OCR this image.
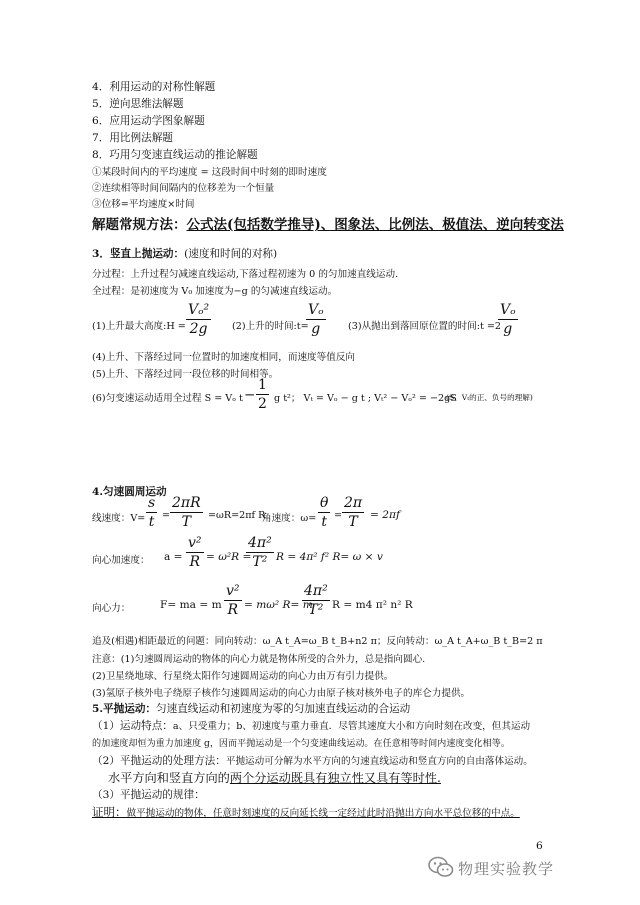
4．利用运动的对称性解题
5．逆向思维法解题
6．应用运动学图象解题
7．用比例法解题
8．巧用匀变速直线运动的推论解题
①某段时间内的平均速度 = 这段时间中时刻的即时速度
②连续相等时间间隔内的位移差为一个恒量
③位移=平均速度×时间
解题常规方法：公式法(包括数学推导)、图象法、比例法、极值法、逆向转变法
3．竖直上抛运动：(速度和时间的对称)
分过程：上升过程匀减速直线运动,下落过程初速为 0 的匀加速直线运动.
全过程：是初速度为 V₀ 加速度为−g 的匀减速直线运动。
(1)上升最大高度:H = $\frac{\text{Vₒ²}}{2g} (2)$上升的时间:t=
$\frac{\text{Vₒ}}{g} (3)$从抛出到落回原位置的时间:t =2
$\frac{\text{Vₒ}}{g}$
(4)上升、下落经过同一位置时的加速度相同，而速度等值反向
(5)上升、下落经过同一段位移的时间相等。
(6)匀变速运动适用全过程 S = Vₒ $t - \frac{1}{2}$ g t²； Vₜ = Vₒ − g t ; Vₜ² − Vₒ² = −2gS
(S、Vₜ的正、负号的理解)
4.匀速圆周运动
线速度：$V= \frac{s}{t} = \frac{2\pi R}{T} =\omega R=2\pi f$ R
角速度：$\omega= \frac{\theta}{t} = \frac{2\pi}{T} = 2\pi f$
向心加速度： $a = \frac{\text{v²}}{R} = \omega^2R$ =
$\frac{\text{4π²}}{\text{T²}}$ R = 4π² f² R= ω × v
向心力：	F= ma = m $\frac{\text{v²}}{R} = m\omega^2$ R= m
$\frac{\text{4π²}}{\text{T²}}$ R = m4 π² n² R
追及(相遇)相距最近的问题：同向转动：ω_A t_A=ω_B t_B+n2 π；反向转动：ω_A t_A+ω_B t_B=2 π
注意：(1)匀速圆周运动的物体的向心力就是物体所受的合外力，总是指向圆心.
(2)卫星绕地球、行星绕太阳作匀速圆周运动的向心力由万有引力提供。
(3)氢原子核外电子绕原子核作匀速圆周运动的向心力由原子核对核外电子的库仑力提供。
5.平抛运动：匀速直线运动和初速度为零的匀加速直线运动的合运动
（1）运动特点：a、只受重力；b、初速度与重力垂直．尽管其速度大小和方向时刻在改变，但其运动
的加速度却恒为重力加速度 g，因而平抛运动是一个匀变速曲线运动。在任意相等时间内速度变化相等。
（2）平抛运动的处理方法：平抛运动可分解为水平方向的匀速直线运动和竖直方向的自由落体运动。
水平方向和竖直方向的两个分运动既具有独立性又具有等时性.
（3）平抛运动的规律：
证明：做平抛运动的物体，任意时刻速度的反向延长线一定经过此时沿抛出方向水平总位移的中点。
6
物理实验教学
